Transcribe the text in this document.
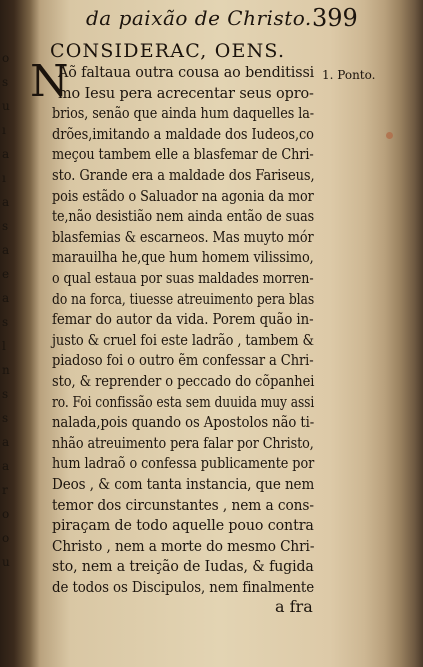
o
s
u
ı
a
ı
a
s
a
e
a
s
l
n
s
s
a
a
r
o
o
u
da paixão de Christo. 399
CONSIDERAC, OENS.
N	1. Ponto.
Aõ faltaua outra cousa ao benditissi
mo Iesu pera acrecentar seus opro-
brios, senão que ainda hum daquelles la-
drões,imitando a maldade dos Iudeos,co
meçou tambem elle a blasfemar de Chri-
sto. Grande era a maldade dos Fariseus,
pois estãdo o Saluador na agonia da mor
te,não desistião nem ainda então de suas
blasfemias & escarneos. Mas muyto mór
marauilha he,que hum homem vilissimo,
o qual estaua por suas maldades morren-
do na forca, tiuesse atreuimento pera blas
femar do autor da vida. Porem quão in-
justo & cruel foi este ladrão , tambem &
piadoso foi o outro ẽm confessar a Chri-
sto, & reprender o peccado do cõpanhei
ro. Foi confissão esta sem duuida muy assi
nalada,pois quando os Apostolos não ti-
nhão atreuimento pera falar por Christo,
hum ladraõ o confessa publicamente por
Deos , & com tanta instancia, que nem
temor dos circunstantes , nem a cons-
piraçam de todo aquelle pouo contra
Christo , nem a morte do mesmo Chri-
sto, nem a treição de Iudas, & fugida
de todos os Discipulos, nem finalmente
a fra
